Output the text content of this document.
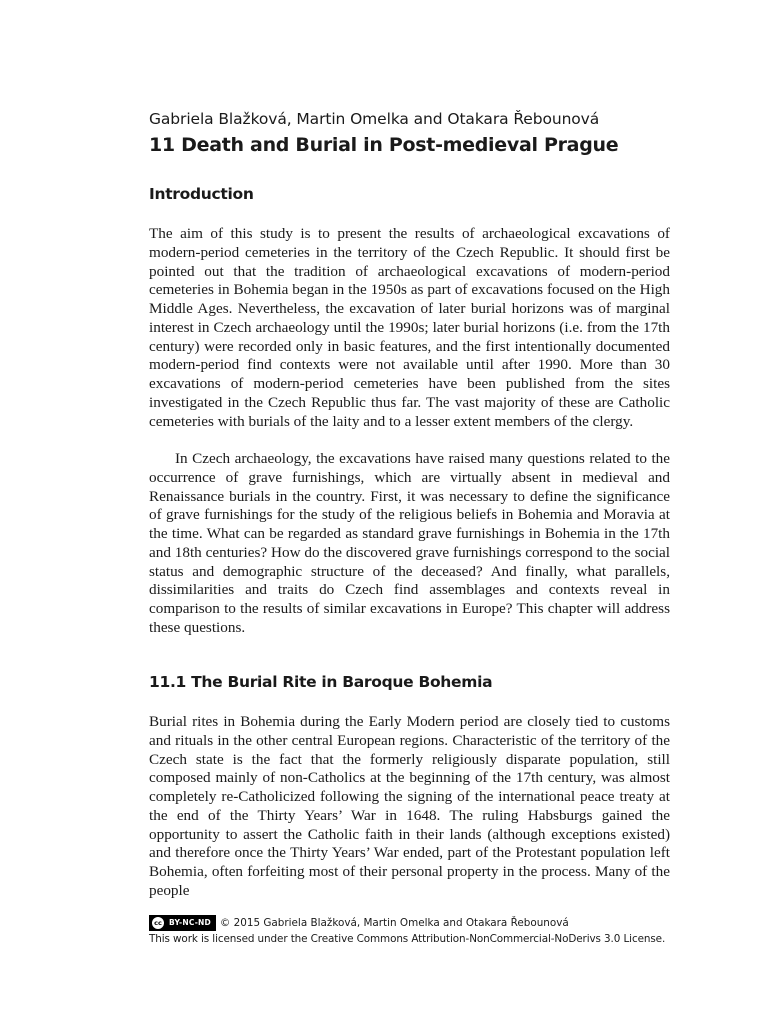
Gabriela Blažková, Martin Omelka and Otakara Řebounová
11 Death and Burial in Post-medieval Prague
Introduction

The aim of this study is to present the results of archaeological excavations of modern-period cemeteries in the territory of the Czech Republic. It should first be pointed out that the tradition of archaeological excavations of modern-period cemeteries in Bohemia began in the 1950s as part of excavations focused on the High Middle Ages. Nevertheless, the excavation of later burial horizons was of marginal interest in Czech archaeology until the 1990s; later burial horizons (i.e. from the 17th century) were recorded only in basic features, and the first intentionally documented modern-period find contexts were not available until after 1990. More than 30 excavations of modern-period cemeteries have been published from the sites investigated in the Czech Republic thus far. The vast majority of these are Catholic cemeteries with burials of the laity and to a lesser extent members of the clergy.

In Czech archaeology, the excavations have raised many questions related to the occurrence of grave furnishings, which are virtually absent in medieval and Renaissance burials in the country. First, it was necessary to define the significance of grave furnishings for the study of the religious beliefs in Bohemia and Moravia at the time. What can be regarded as standard grave furnishings in Bohemia in the 17th and 18th centuries? How do the discovered grave furnishings correspond to the social status and demographic structure of the deceased? And finally, what parallels, dissimilarities and traits do Czech find assemblages and contexts reveal in comparison to the results of similar excavations in Europe? This chapter will address these questions.

11.1 The Burial Rite in Baroque Bohemia

Burial rites in Bohemia during the Early Modern period are closely tied to customs and rituals in the other central European regions. Characteristic of the territory of the Czech state is the fact that the formerly religiously disparate population, still composed mainly of non-Catholics at the beginning of the 17th century, was almost completely re-Catholicized following the signing of the international peace treaty at the end of the Thirty Years’ War in 1648. The ruling Habsburgs gained the opportunity to assert the Catholic faith in their lands (although exceptions existed) and therefore once the Thirty Years’ War ended, part of the Protestant population left Bohemia, often forfeiting most of their personal property in the process. Many of the people

cc BY-NC-ND © 2015 Gabriela Blažková, Martin Omelka and Otakara Řebounová
This work is licensed under the Creative Commons Attribution-NonCommercial-NoDerivs 3.0 License.
